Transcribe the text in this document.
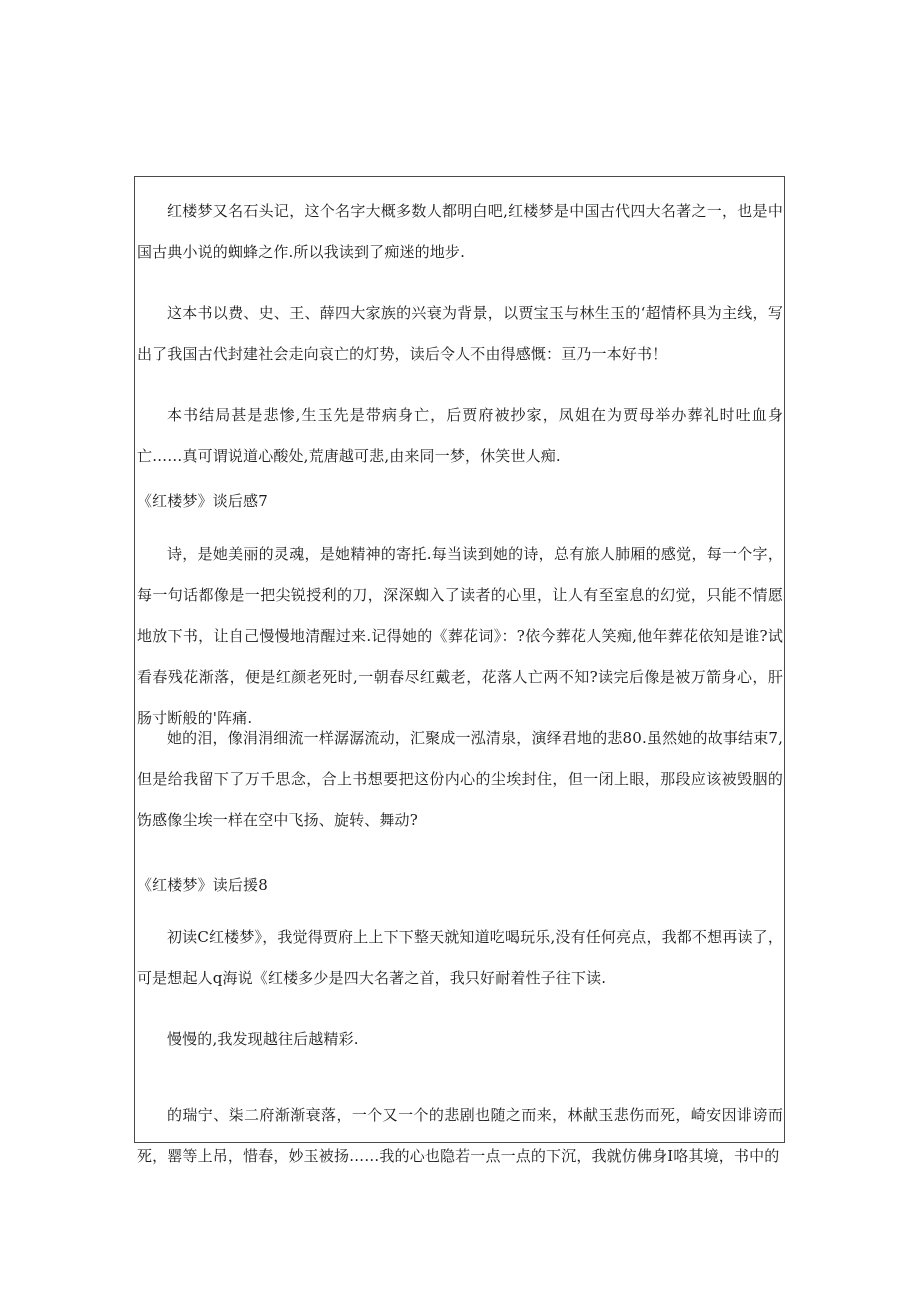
红楼梦又名石头记，这个名字大概多数人都明白吧,红楼梦是中国古代四大名著之一，也是中国古典小说的蜘蜂之作.所以我读到了痴迷的地步.

这本书以费、史、王、薛四大家族的兴衰为背景，以贾宝玉与林生玉的‘超情杯具为主线，写出了我国古代封建社会走向哀亡的灯势，读后令人不由得感慨：亘乃一本好书！

本书结局甚是悲惨,生玉先是带病身亡，后贾府被抄家，凤姐在为贾母举办葬礼时吐血身亡……真可谓说道心酸处,荒唐越可悲,由来同一梦，休笑世人痴.

《红楼梦》谈后感7

诗，是她美丽的灵魂，是她精神的寄托.每当读到她的诗，总有旅人肺厢的感觉，每一个字，每一句话都像是一把尖锐授利的刀，深深蜘入了读者的心里，让人有至室息的幻觉，只能不情愿地放下书，让自己慢慢地清醒过来.记得她的《葬花词》：?依今葬花人笑痴,他年葬花依知是谁?试看春残花渐落，便是红颜老死时,一朝春尽红戴老，花落人亡两不知?读完后像是被万箭身心，肝肠寸断般的'阵痛.

她的泪，像涓涓细流一样潺潺流动，汇聚成一泓清泉，演绎君地的悲80.虽然她的故事结束7,但是给我留下了万千思念，合上书想要把这份内心的尘埃封住，但一闭上眼，那段应该被毁胭的饬感像尘埃一样在空中飞扬、旋转、舞动?

《红楼梦》读后援8

初读C红楼梦》，我觉得贾府上上下下整天就知道吃喝玩乐,没有任何亮点，我都不想再读了，可是想起人q海说《红楼多少是四大名著之首，我只好耐着性子往下读.

慢慢的,我发现越往后越精彩.

的瑞宁、柒二府渐渐衰落，一个又一个的悲剧也随之而来，林献玉悲伤而死，崎安因诽谤而死，罂等上吊，惜春，妙玉被扬……我的心也隐若一点一点的下沉，我就仿佛身I咯其境，书中的
